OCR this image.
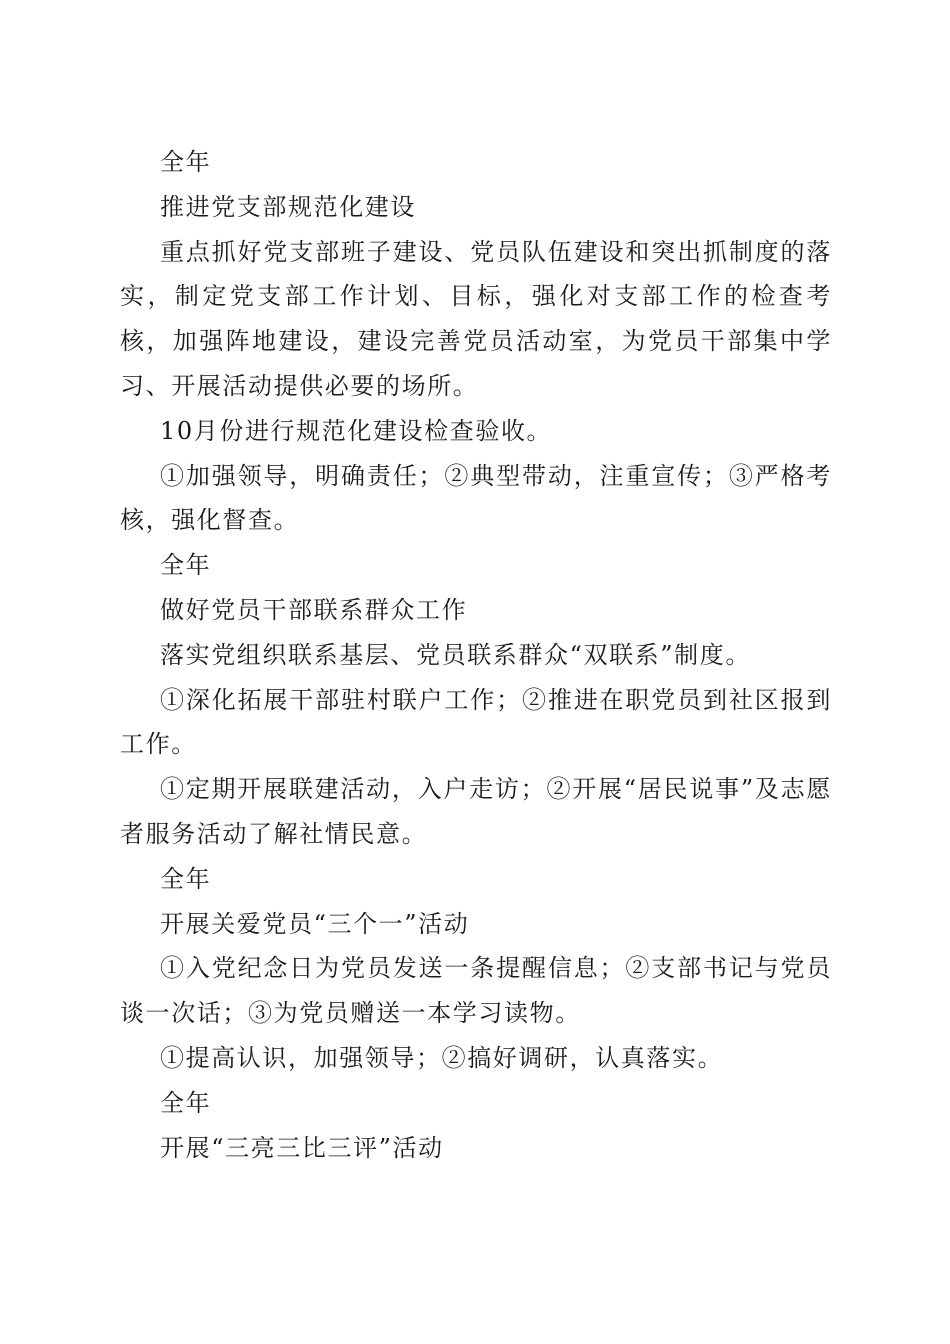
全年

推进党支部规范化建设

重点抓好党支部班子建设、党员队伍建设和突出抓制度的落实，制定党支部工作计划、目标，强化对支部工作的检查考核，加强阵地建设，建设完善党员活动室，为党员干部集中学习、开展活动提供必要的场所。

10月份进行规范化建设检查验收。

①加强领导，明确责任；②典型带动，注重宣传；③严格考核，强化督查。

全年

做好党员干部联系群众工作

落实党组织联系基层、党员联系群众“双联系”制度。

①深化拓展干部驻村联户工作；②推进在职党员到社区报到工作。

①定期开展联建活动，入户走访；②开展“居民说事”及志愿者服务活动了解社情民意。

全年

开展关爱党员“三个一”活动

①入党纪念日为党员发送一条提醒信息；②支部书记与党员谈一次话；③为党员赠送一本学习读物。

①提高认识，加强领导；②搞好调研，认真落实。

全年

开展“三亮三比三评”活动
